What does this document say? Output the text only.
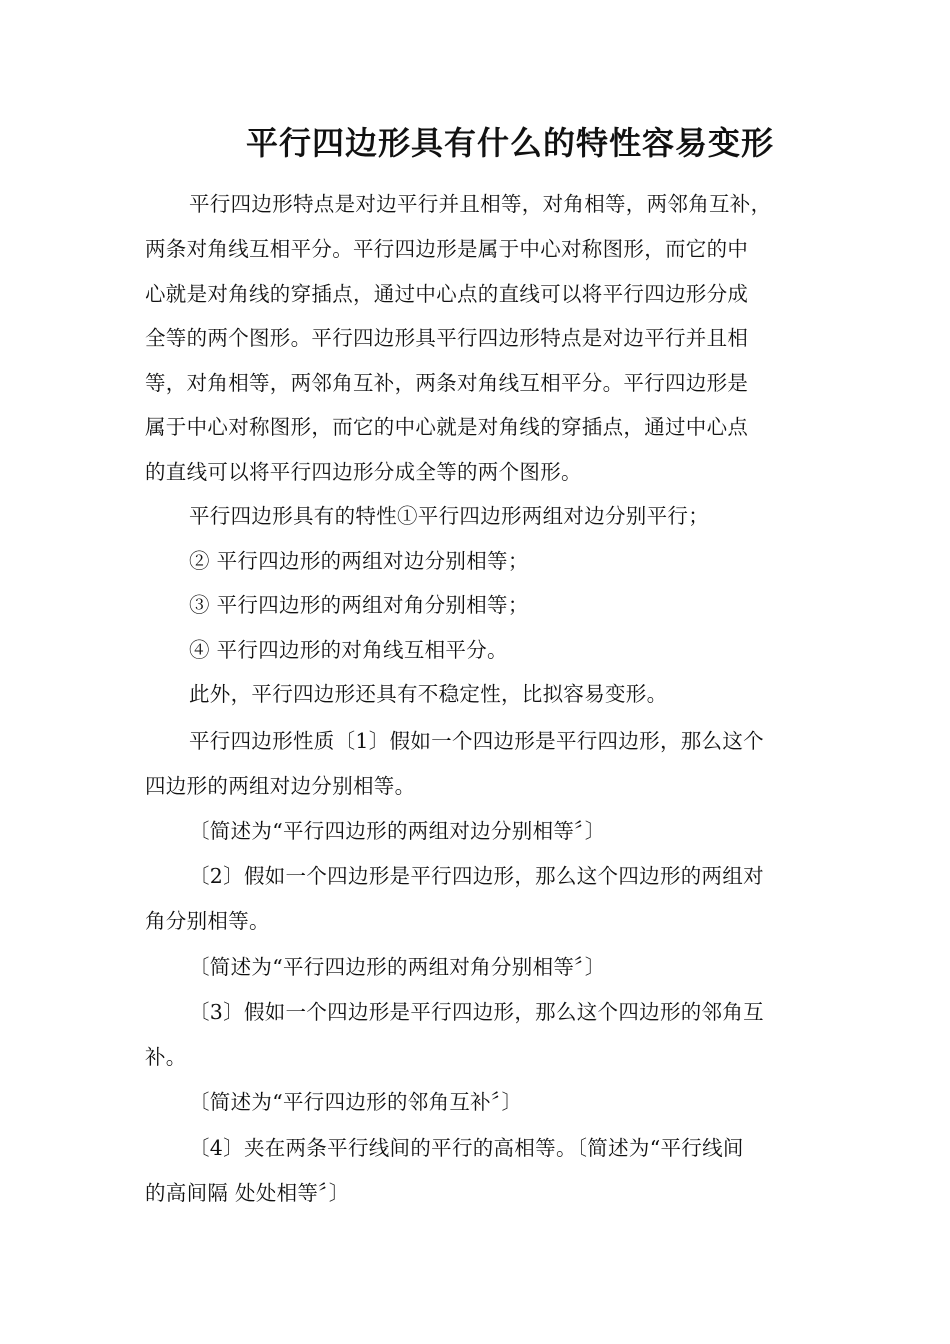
平行四边形具有什么的特性容易变形
平行四边形特点是对边平行并且相等，对角相等，两邻角互补，
两条对角线互相平分。平行四边形是属于中心对称图形，而它的中
心就是对角线的穿插点，通过中心点的直线可以将平行四边形分成
全等的两个图形。平行四边形具平行四边形特点是对边平行并且相
等，对角相等，两邻角互补，两条对角线互相平分。平行四边形是
属于中心对称图形，而它的中心就是对角线的穿插点，通过中心点
的直线可以将平行四边形分成全等的两个图形。
平行四边形具有的特性①平行四边形两组对边分别平行；
② 平行四边形的两组对边分别相等；
③ 平行四边形的两组对角分别相等；
④ 平行四边形的对角线互相平分。
此外，平行四边形还具有不稳定性，比拟容易变形。
平行四边形性质〔1〕假如一个四边形是平行四边形，那么这个
四边形的两组对边分别相等。
〔简述为“平行四边形的两组对边分别相等〞〕
〔2〕假如一个四边形是平行四边形，那么这个四边形的两组对
角分别相等。
〔简述为“平行四边形的两组对角分别相等〞〕
〔3〕假如一个四边形是平行四边形，那么这个四边形的邻角互
补。
〔简述为“平行四边形的邻角互补〞〕
〔4〕夹在两条平行线间的平行的高相等。〔简述为“平行线间
的高间隔 处处相等〞〕
